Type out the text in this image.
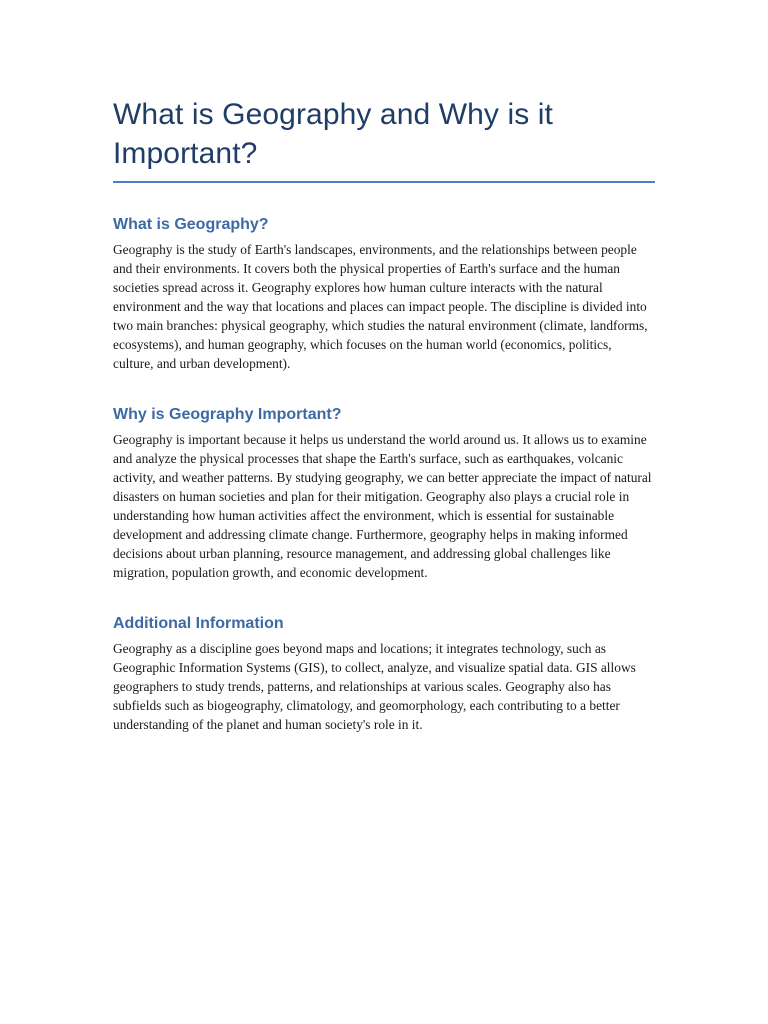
What is Geography and Why is it Important?
What is Geography?

Geography is the study of Earth's landscapes, environments, and the relationships between people and their environments. It covers both the physical properties of Earth's surface and the human societies spread across it. Geography explores how human culture interacts with the natural environment and the way that locations and places can impact people. The discipline is divided into two main branches: physical geography, which studies the natural environment (climate, landforms, ecosystems), and human geography, which focuses on the human world (economics, politics, culture, and urban development).

Why is Geography Important?

Geography is important because it helps us understand the world around us. It allows us to examine and analyze the physical processes that shape the Earth's surface, such as earthquakes, volcanic activity, and weather patterns. By studying geography, we can better appreciate the impact of natural disasters on human societies and plan for their mitigation. Geography also plays a crucial role in understanding how human activities affect the environment, which is essential for sustainable development and addressing climate change. Furthermore, geography helps in making informed decisions about urban planning, resource management, and addressing global challenges like migration, population growth, and economic development.

Additional Information

Geography as a discipline goes beyond maps and locations; it integrates technology, such as Geographic Information Systems (GIS), to collect, analyze, and visualize spatial data. GIS allows geographers to study trends, patterns, and relationships at various scales. Geography also has subfields such as biogeography, climatology, and geomorphology, each contributing to a better understanding of the planet and human society's role in it.
